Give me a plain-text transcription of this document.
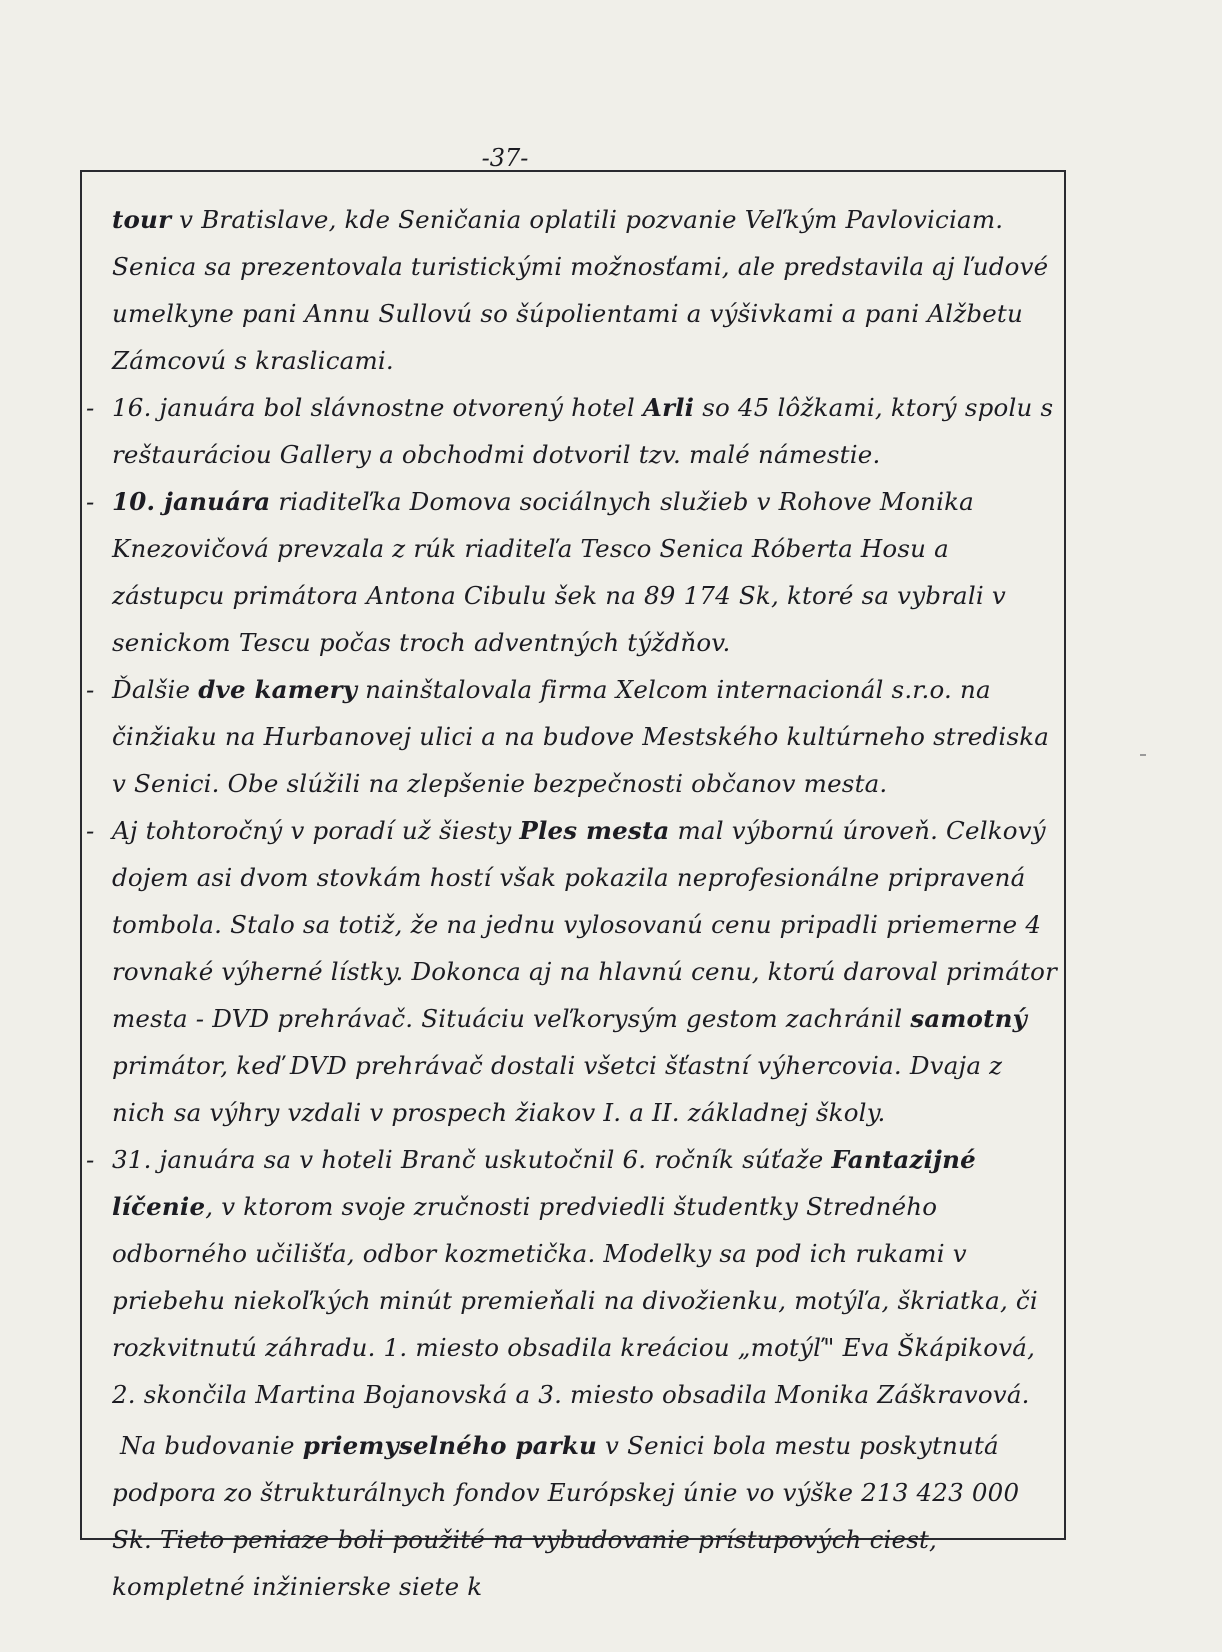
-37-

tour v Bratislave, kde Seničania oplatili pozvanie Veľkým Pavloviciam. Senica sa prezentovala turistickými možnosťami, ale predstavila aj ľudové umelkyne pani Annu Sullovú so šúpolientami a výšivkami a pani Alžbetu Zámcovú s kraslicami.

- 16. januára bol slávnostne otvorený hotel Arli so 45 lôžkami, ktorý spolu s reštauráciou Gallery a obchodmi dotvoril tzv. malé námestie.

- 10. januára riaditeľka Domova sociálnych služieb v Rohove Monika Knezovičová prevzala z rúk riaditeľa Tesco Senica Róberta Hosu a zástupcu primátora Antona Cibulu šek na 89 174 Sk, ktoré sa vybrali v senickom Tescu počas troch adventných týždňov.

- Ďalšie dve kamery nainštalovala firma Xelcom internacionál s.r.o. na činžiaku na Hurbanovej ulici a na budove Mestského kultúrneho strediska v Senici. Obe slúžili na zlepšenie bezpečnosti občanov mesta.

- Aj tohtoročný v poradí už šiesty Ples mesta mal výbornú úroveň. Celkový dojem asi dvom stovkám hostí však pokazila neprofesionálne pripravená tombola. Stalo sa totiž, že na jednu vylosovanú cenu pripadli priemerne 4 rovnaké výherné lístky. Dokonca aj na hlavnú cenu, ktorú daroval primátor mesta - DVD prehrávač. Situáciu veľkorysým gestom zachránil samotný primátor, keď DVD prehrávač dostali všetci šťastní výhercovia. Dvaja z nich sa výhry vzdali v prospech žiakov I. a II. základnej školy.

- 31. januára sa v hoteli Branč uskutočnil 6. ročník súťaže Fantazijné líčenie, v ktorom svoje zručnosti predviedli študentky Stredného odborného učilišťa, odbor kozmetička. Modelky sa pod ich rukami v priebehu niekoľkých minút premieňali na divožienku, motýľa, škriatka, či rozkvitnutú záhradu. 1. miesto obsadila kreáciou „motýľ" Eva Škápiková, 2. skončila Martina Bojanovská a 3. miesto obsadila Monika Záškravová.

Na budovanie priemyselného parku v Senici bola mestu poskytnutá podpora zo štrukturálnych fondov Európskej únie vo výške 213 423 000 Sk. Tieto peniaze boli použité na vybudovanie prístupových ciest, kompletné inžinierske siete k
